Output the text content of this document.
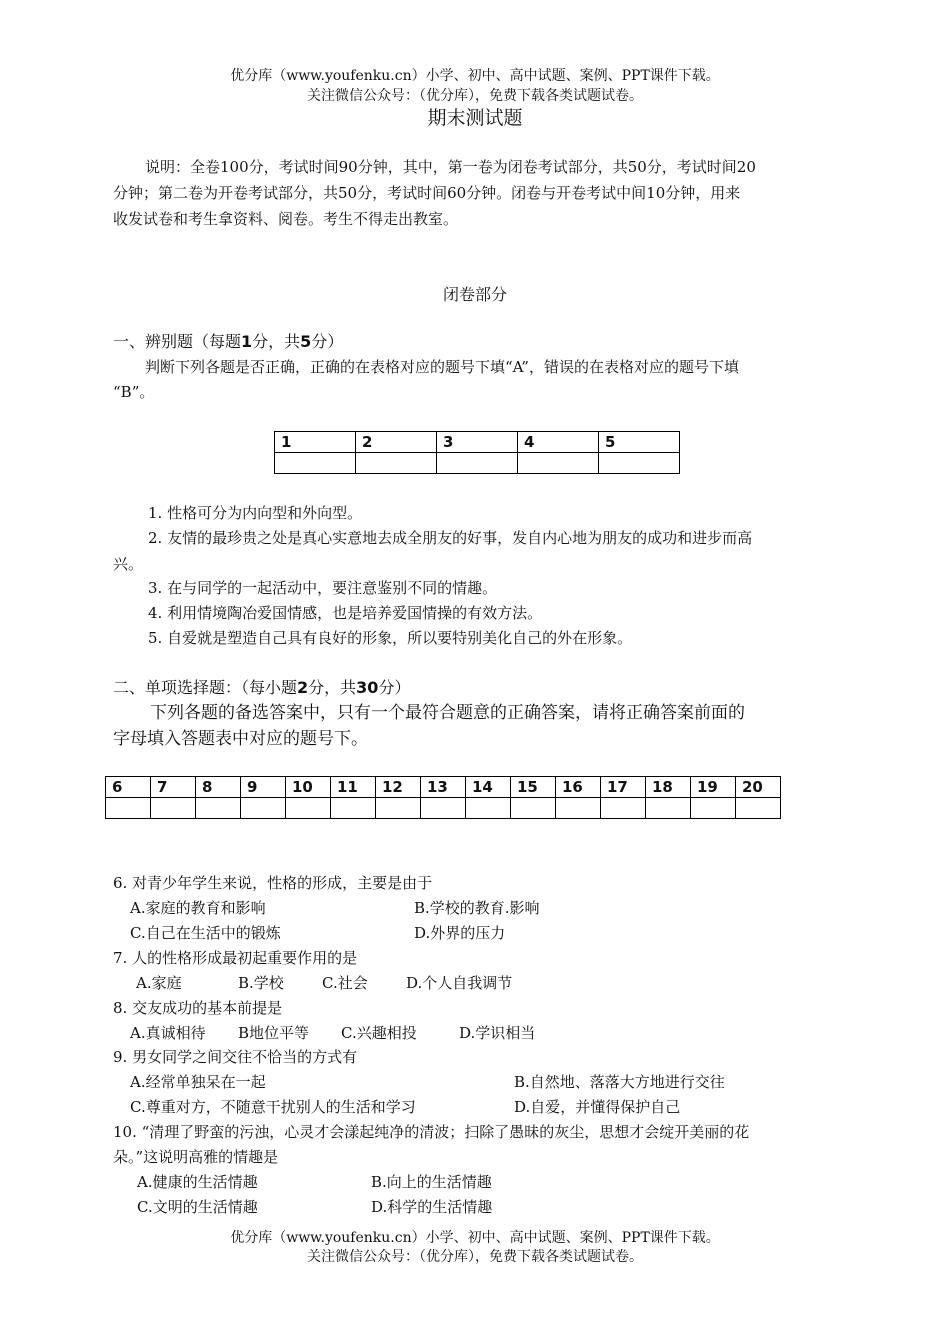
优分库（www.youfenku.cn）小学、初中、高中试题、案例、PPT课件下载。
关注微信公众号：（优分库），免费下载各类试题试卷。
期末测试题
说明：全卷100分，考试时间90分钟，其中，第一卷为闭卷考试部分，共50分，考试时间20
分钟；第二卷为开卷考试部分，共50分，考试时间60分钟。闭卷与开卷考试中间10分钟，用来
收发试卷和考生拿资料、阅卷。考生不得走出教室。
闭卷部分
一、辨别题（每题1分，共5分）
判断下列各题是否正确，正确的在表格对应的题号下填“A”，错误的在表格对应的题号下填
“B”。
1	2	3	4	5

1. 性格可分为内向型和外向型。
2. 友情的最珍贵之处是真心实意地去成全朋友的好事，发自内心地为朋友的成功和进步而高
兴。
3. 在与同学的一起活动中，要注意鉴别不同的情趣。
4. 利用情境陶冶爱国情感，也是培养爱国情操的有效方法。
5. 自爱就是塑造自己具有良好的形象，所以要特别美化自己的外在形象。
二、单项选择题：（每小题2分，共30分）
下列各题的备选答案中，只有一个最符合题意的正确答案，请将正确答案前面的
字母填入答题表中对应的题号下。
6	7	8	9	10	11	12	13	14	15	16	17	18	19	20

6. 对青少年学生来说，性格的形成，主要是由于
A.家庭的教育和影响	B.学校的教育.影响
C.自己在生活中的锻炼	D.外界的压力
7. 人的性格形成最初起重要作用的是
A.家庭	B.学校	C.社会	D.个人自我调节
8. 交友成功的基本前提是
A.真诚相待 B地位平等 C.兴趣相投	D.学识相当
9. 男女同学之间交往不恰当的方式有
A.经常单独呆在一起	B.自然地、落落大方地进行交往
C.尊重对方，不随意干扰别人的生活和学习	D.自爱，并懂得保护自己
10. “清理了野蛮的污浊，心灵才会漾起纯净的清波；扫除了愚昧的灰尘，思想才会绽开美丽的花
朵。”这说明高雅的情趣是
A.健康的生活情趣	B.向上的生活情趣
C.文明的生活情趣	D.科学的生活情趣
优分库（www.youfenku.cn）小学、初中、高中试题、案例、PPT课件下载。
关注微信公众号：（优分库），免费下载各类试题试卷。
